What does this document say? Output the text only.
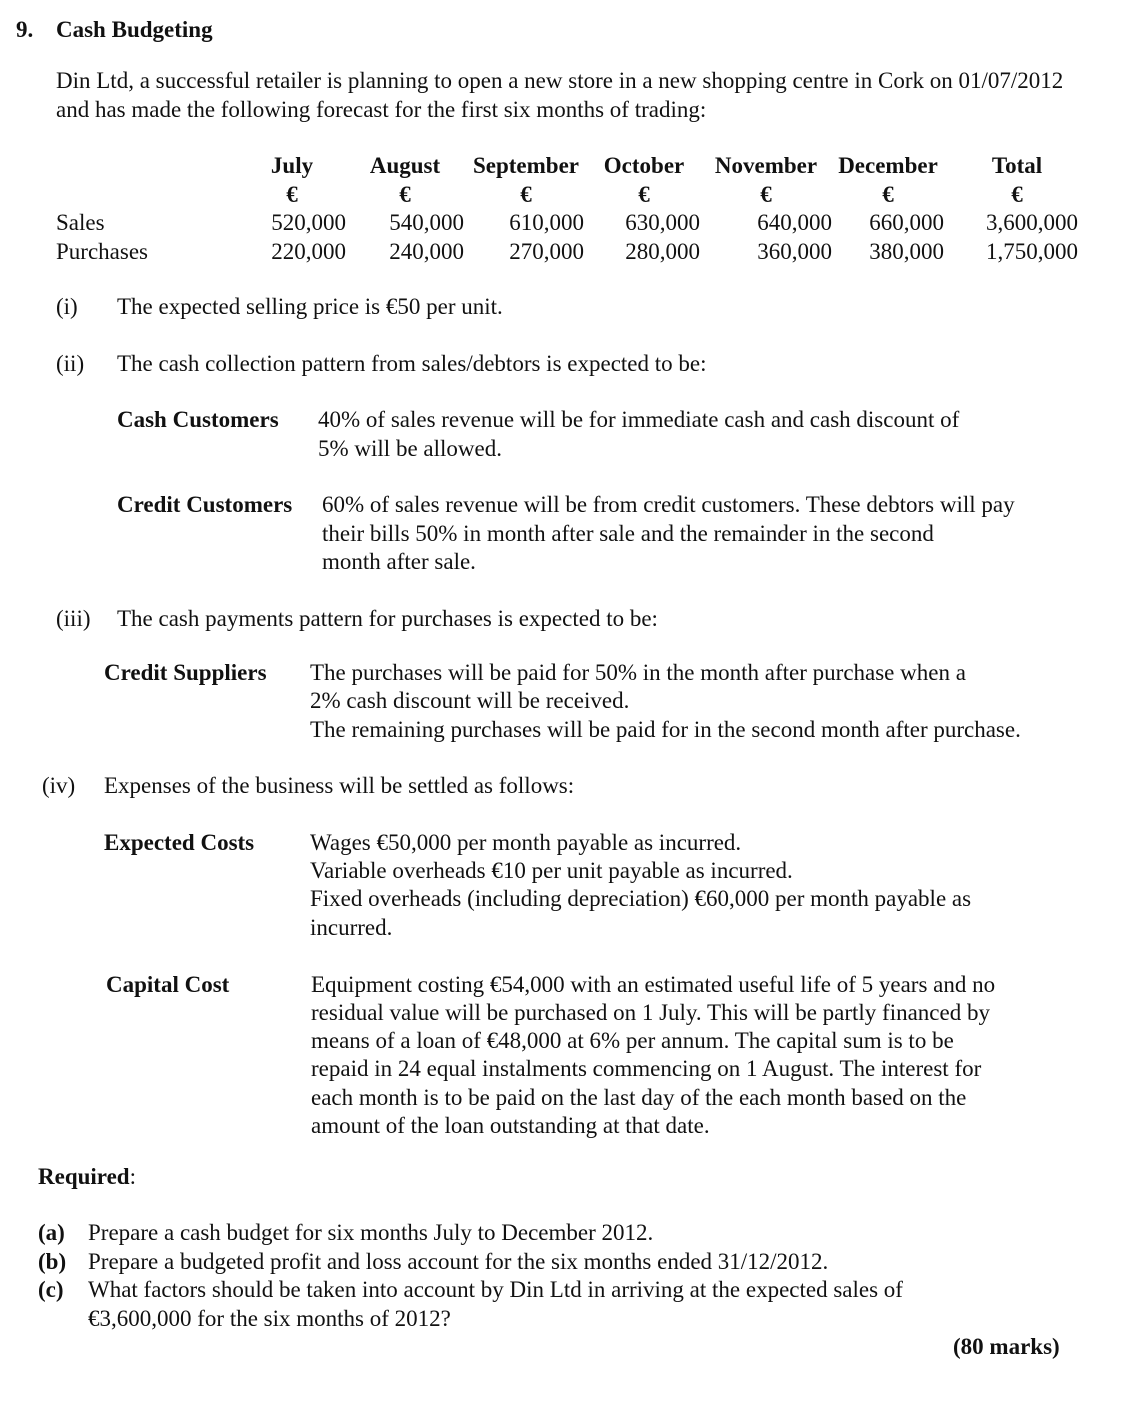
9. Cash Budgeting
Din Ltd, a successful retailer is planning to open a new store in a new shopping centre in Cork on 01/07/2012 and has made the following forecast for the first six months of trading:
	July	August	September	October	November	December	Total
	€	€	€	€	€	€	€
Sales	520,000	540,000	610,000	630,000	640,000	660,000	3,600,000
Purchases	220,000	240,000	270,000	280,000	360,000	380,000	1,750,000
(i) The expected selling price is €50 per unit.
(ii) The cash collection pattern from sales/debtors is expected to be:
Cash Customers 40% of sales revenue will be for immediate cash and cash discount of
5% will be allowed.
Credit Customers 60% of sales revenue will be from credit customers. These debtors will pay
their bills 50% in month after sale and the remainder in the second
month after sale.
(iii) The cash payments pattern for purchases is expected to be:
Credit Suppliers The purchases will be paid for 50% in the month after purchase when a
2% cash discount will be received.
The remaining purchases will be paid for in the second month after purchase.
(iv) Expenses of the business will be settled as follows:
Expected Costs Wages €50,000 per month payable as incurred.
Variable overheads €10 per unit payable as incurred.
Fixed overheads (including depreciation) €60,000 per month payable as
incurred.
Capital Cost	Equipment costing €54,000 with an estimated useful life of 5 years and no
residual value will be purchased on 1 July. This will be partly financed by
means of a loan of €48,000 at 6% per annum. The capital sum is to be
repaid in 24 equal instalments commencing on 1 August. The interest for
each month is to be paid on the last day of the each month based on the
amount of the loan outstanding at that date.
Required:
(a) Prepare a cash budget for six months July to December 2012.
(b) Prepare a budgeted profit and loss account for the six months ended 31/12/2012.
(c) What factors should be taken into account by Din Ltd in arriving at the expected sales of
€3,600,000 for the six months of 2012?
(80 marks)
